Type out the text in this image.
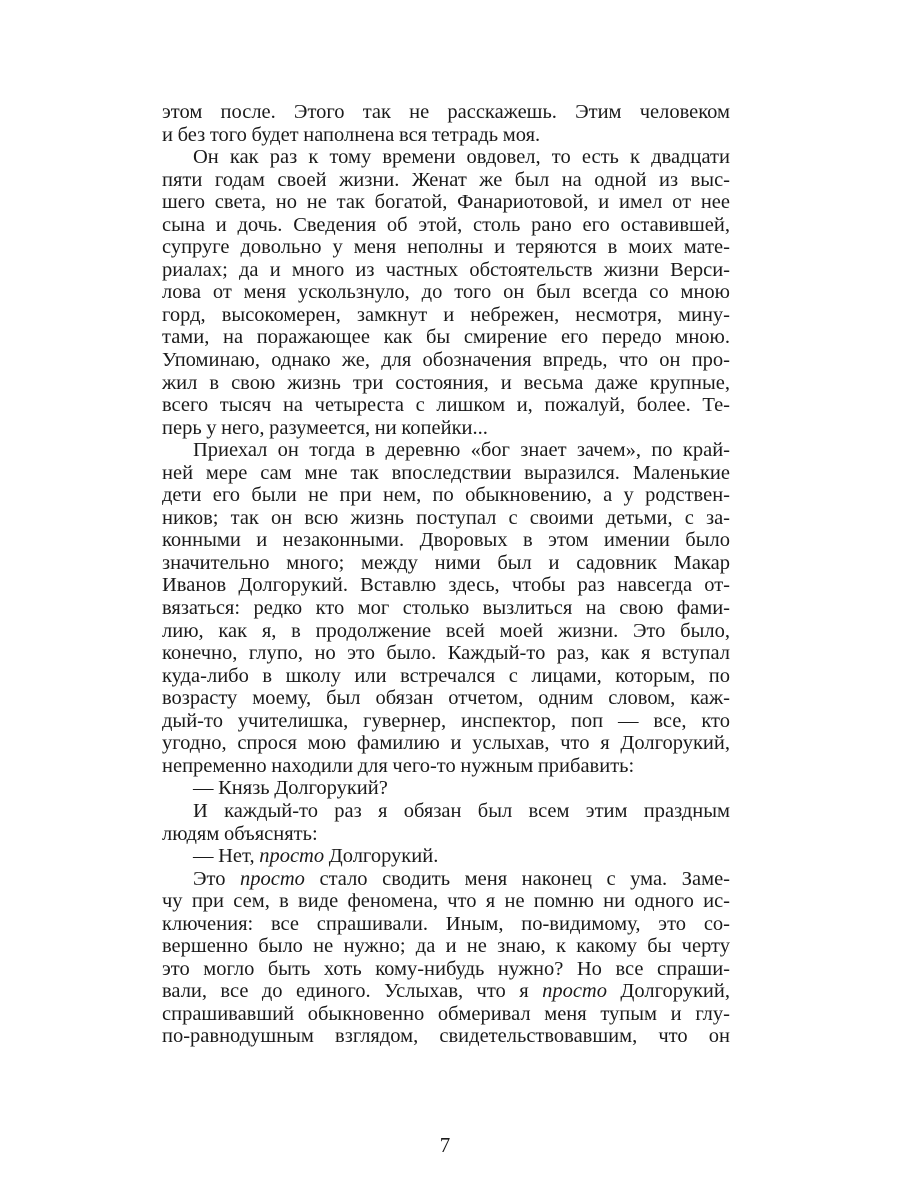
этом после. Этого так не расскажешь. Этим человеком
и без того будет наполнена вся тетрадь моя.
Он как раз к тому времени овдовел, то есть к двадцати
пяти годам своей жизни. Женат же был на одной из выс-
шего света, но не так богатой, Фанариотовой, и имел от нее
сына и дочь. Сведения об этой, столь рано его оставившей,
супруге довольно у меня неполны и теряются в моих мате-
риалах; да и много из частных обстоятельств жизни Верси-
лова от меня ускользнуло, до того он был всегда со мною
горд, высокомерен, замкнут и небрежен, несмотря, мину-
тами, на поражающее как бы смирение его передо мною.
Упоминаю, однако же, для обозначения впредь, что он про-
жил в свою жизнь три состояния, и весьма даже крупные,
всего тысяч на четыреста с лишком и, пожалуй, более. Те-
перь у него, разумеется, ни копейки...
Приехал он тогда в деревню «бог знает зачем», по край-
ней мере сам мне так впоследствии выразился. Маленькие
дети его были не при нем, по обыкновению, а у родствен-
ников; так он всю жизнь поступал с своими детьми, с за-
конными и незаконными. Дворовых в этом имении было
значительно много; между ними был и садовник Макар
Иванов Долгорукий. Вставлю здесь, чтобы раз навсегда от-
вязаться: редко кто мог столько вызлиться на свою фами-
лию, как я, в продолжение всей моей жизни. Это было,
конечно, глупо, но это было. Каждый-то раз, как я вступал
куда-либо в школу или встречался с лицами, которым, по
возрасту моему, был обязан отчетом, одним словом, каж-
дый-то учителишка, гувернер, инспектор, поп — все, кто
угодно, спрося мою фамилию и услыхав, что я Долгорукий,
непременно находили для чего-то нужным прибавить:
— Князь Долгорукий?
И каждый-то раз я обязан был всем этим праздным
людям объяснять:
— Нет, просто Долгорукий.
Это просто стало сводить меня наконец с ума. Заме-
чу при сем, в виде феномена, что я не помню ни одного ис-
ключения: все спрашивали. Иным, по-видимому, это со-
вершенно было не нужно; да и не знаю, к какому бы черту
это могло быть хоть кому-нибудь нужно? Но все спраши-
вали, все до единого. Услыхав, что я просто Долгорукий,
спрашивавший обыкновенно обмеривал меня тупым и глу-
по-равнодушным взглядом, свидетельствовавшим, что он
7
